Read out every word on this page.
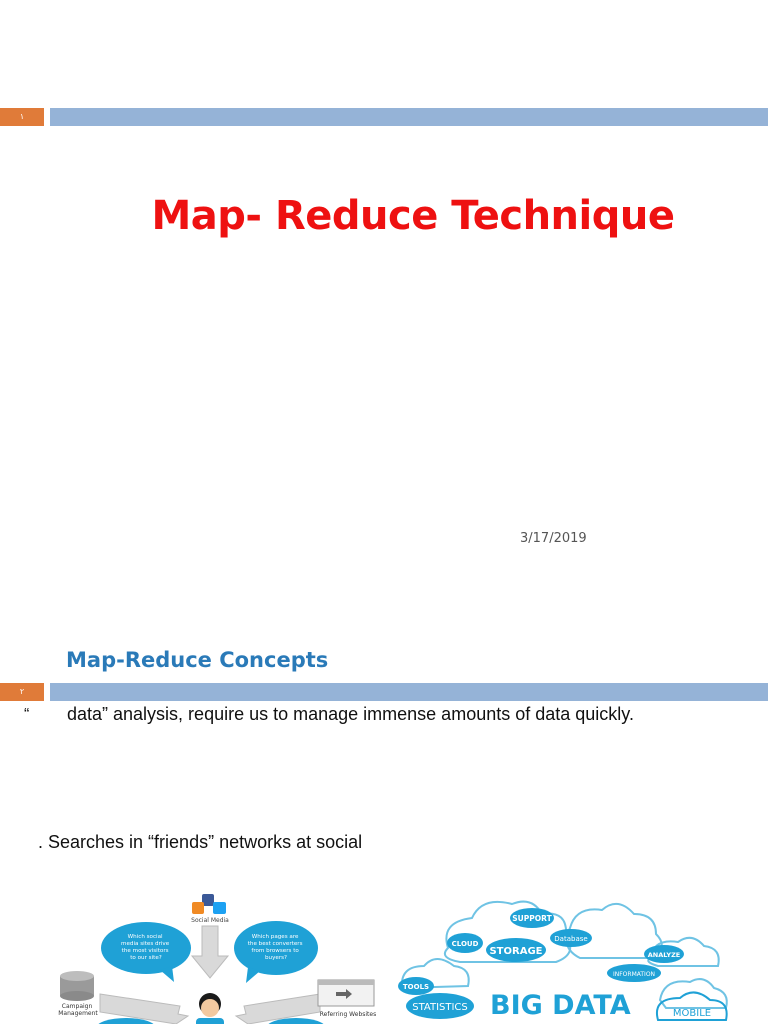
١
Map- Reduce Technique
3/17/2019
Map-Reduce Concepts
٢
“ data” analysis, require us to manage immense amounts of data quickly.
. Searches in “friends” networks at social
Social Media
Which social media sites drive the most visitors to our site?
Which pages are the best converters from browsers to buyers?
Campaign Management	Referring Websites
SUPPORT
CLOUD
STORAGE
Database
ANALYZE
INFORMATION
TOOLS
STATISTICS BIG DATA	MOBILE
